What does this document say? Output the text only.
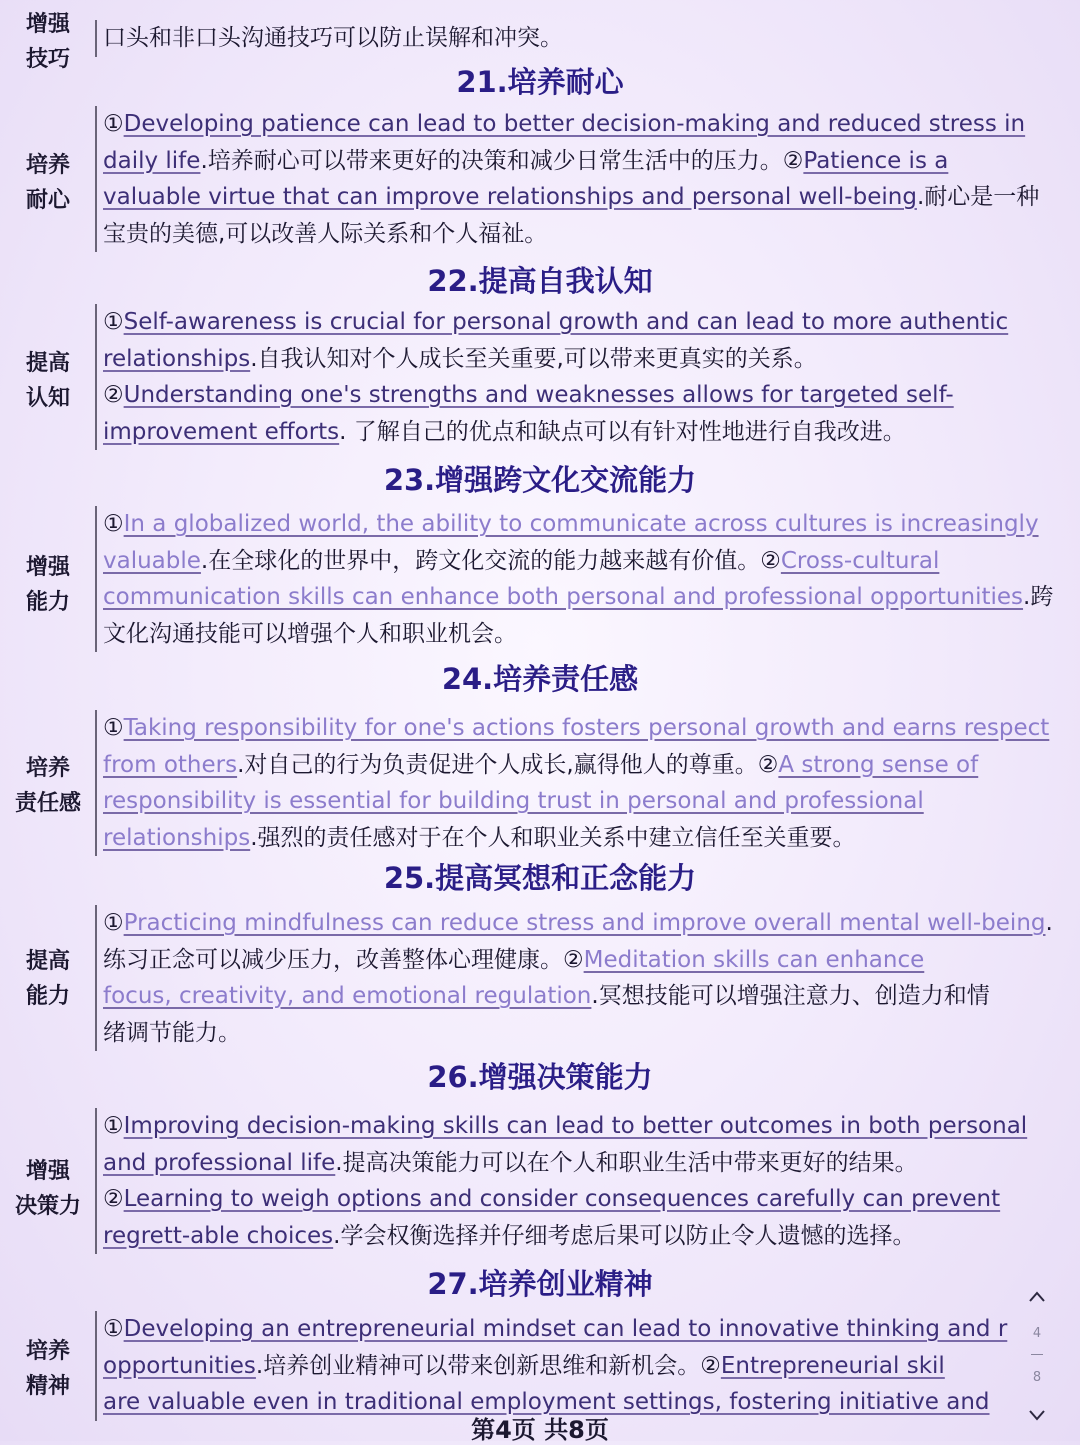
增强
技巧
口头和非口头沟通技巧可以防止误解和冲突。
21.培养耐心
培养
耐心
①Developing patience can lead to better decision-making and reduced stress in
daily life.培养耐心可以带来更好的决策和减少日常生活中的压力。②Patience is a
valuable virtue that can improve relationships and personal well-being.耐心是一种
宝贵的美德,可以改善人际关系和个人福祉。
22.提高自我认知
提高
认知
①Self-awareness is crucial for personal growth and can lead to more authentic
relationships.自我认知对个人成长至关重要,可以带来更真实的关系。
②Understanding one's strengths and weaknesses allows for targeted self-
improvement efforts. 了解自己的优点和缺点可以有针对性地进行自我改进。
23.增强跨文化交流能力
增强
能力
①In a globalized world, the ability to communicate across cultures is increasingly
valuable.在全球化的世界中，跨文化交流的能力越来越有价值。②Cross-cultural
communication skills can enhance both personal and professional opportunities.跨
文化沟通技能可以增强个人和职业机会。
24.培养责任感
培养
责任感
①Taking responsibility for one's actions fosters personal growth and earns respect
from others.对自己的行为负责促进个人成长,赢得他人的尊重。②A strong sense of
responsibility is essential for building trust in personal and professional
relationships.强烈的责任感对于在个人和职业关系中建立信任至关重要。
25.提高冥想和正念能力
提高
能力
①Practicing mindfulness can reduce stress and improve overall mental well-being.
练习正念可以减少压力，改善整体心理健康。②Meditation skills can enhance
focus, creativity, and emotional regulation.冥想技能可以增强注意力、创造力和情
绪调节能力。
26.增强决策能力
增强
决策力
①Improving decision-making skills can lead to better outcomes in both personal
and professional life.提高决策能力可以在个人和职业生活中带来更好的结果。
②Learning to weigh options and consider consequences carefully can prevent
regrett-able choices.学会权衡选择并仔细考虑后果可以防止令人遗憾的选择。
27.培养创业精神
培养
精神
①Developing an entrepreneurial mindset can lead to innovative thinking and r
opportunities.培养创业精神可以带来创新思维和新机会。②Entrepreneurial skil
are valuable even in traditional employment settings, fostering initiative and
第4页 共8页
4
8
